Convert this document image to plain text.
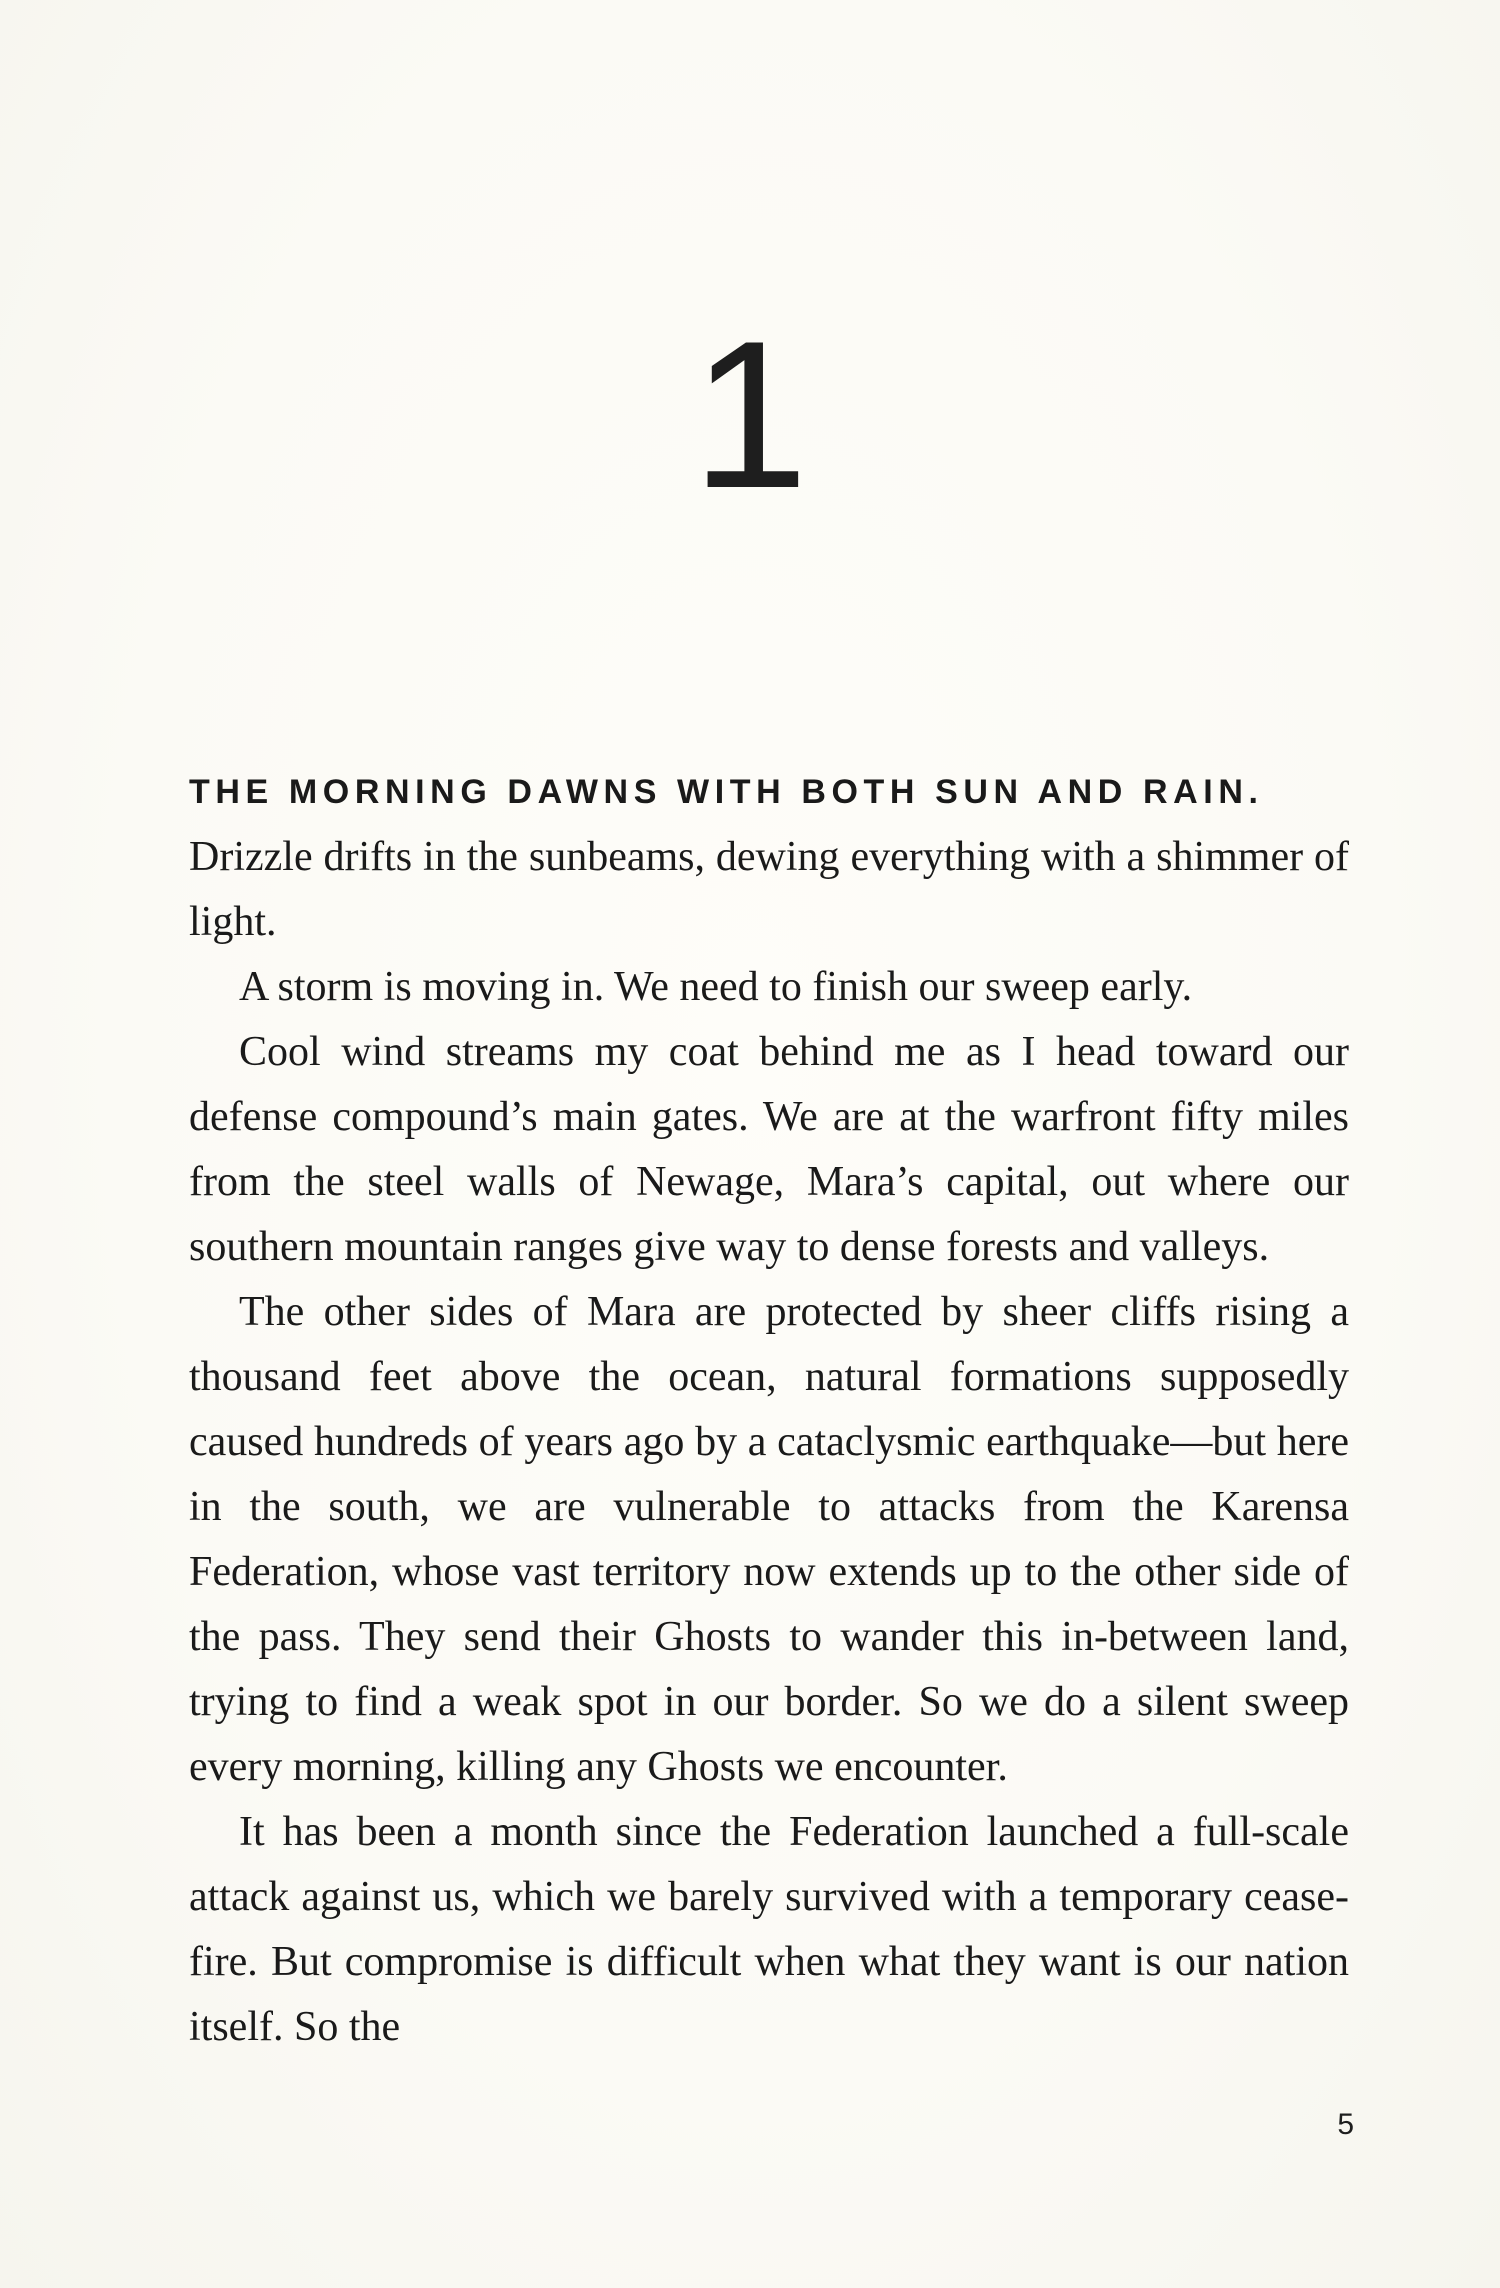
1
THE MORNING DAWNS WITH BOTH SUN AND RAIN.

Drizzle drifts in the sunbeams, dewing everything with a shimmer of light.

A storm is moving in. We need to finish our sweep early.

Cool wind streams my coat behind me as I head toward our defense compound’s main gates. We are at the warfront fifty miles from the steel walls of Newage, Mara’s capital, out where our southern mountain ranges give way to dense forests and valleys.

The other sides of Mara are protected by sheer cliffs rising a thousand feet above the ocean, natural formations supposedly caused hundreds of years ago by a cataclysmic earthquake—but here in the south, we are vulnerable to attacks from the Karensa Federation, whose vast territory now extends up to the other side of the pass. They send their Ghosts to wander this in-between land, trying to find a weak spot in our border. So we do a silent sweep every morning, killing any Ghosts we encounter.

It has been a month since the Federation launched a full-scale attack against us, which we barely survived with a temporary cease-fire. But compromise is difficult when what they want is our nation itself. So the

5
